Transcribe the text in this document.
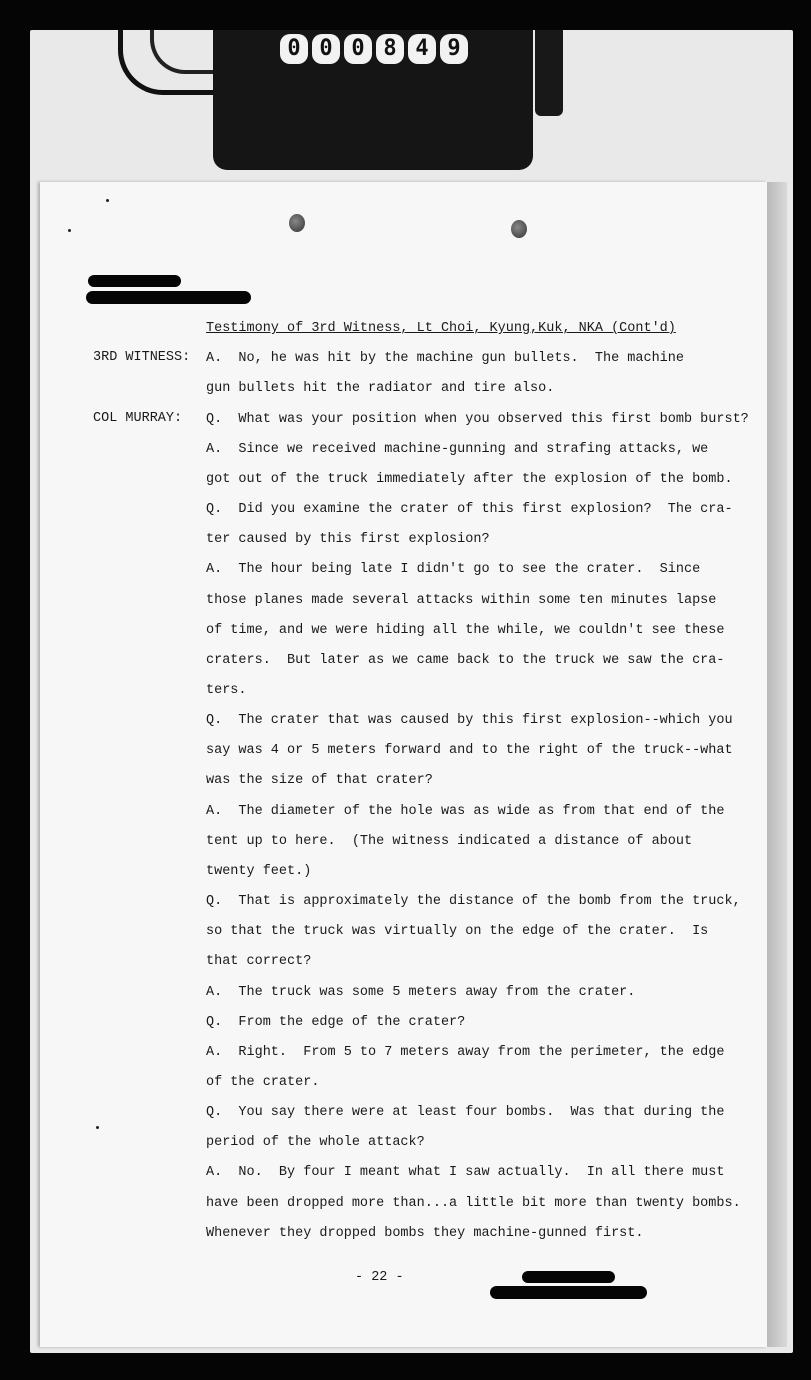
0 0 0 8 4 9
Testimony of 3rd Witness, Lt Choi, Kyung,Kuk, NKA (Cont'd)
3RD WITNESS: A.  No, he was hit by the machine gun bullets.  The machine
gun bullets hit the radiator and tire also.
COL MURRAY: Q.  What was your position when you observed this first bomb burst?
A.  Since we received machine-gunning and strafing attacks, we
got out of the truck immediately after the explosion of the bomb.
Q.  Did you examine the crater of this first explosion?  The cra-
ter caused by this first explosion?
A.  The hour being late I didn't go to see the crater.  Since
those planes made several attacks within some ten minutes lapse
of time, and we were hiding all the while, we couldn't see these
craters.  But later as we came back to the truck we saw the cra-
ters.
Q.  The crater that was caused by this first explosion--which you
say was 4 or 5 meters forward and to the right of the truck--what
was the size of that crater?
A.  The diameter of the hole was as wide as from that end of the
tent up to here.  (The witness indicated a distance of about
twenty feet.)
Q.  That is approximately the distance of the bomb from the truck,
so that the truck was virtually on the edge of the crater.  Is
that correct?
A.  The truck was some 5 meters away from the crater.
Q.  From the edge of the crater?
A.  Right.  From 5 to 7 meters away from the perimeter, the edge
of the crater.
Q.  You say there were at least four bombs.  Was that during the
period of the whole attack?
A.  No.  By four I meant what I saw actually.  In all there must
have been dropped more than...a little bit more than twenty bombs.
Whenever they dropped bombs they machine-gunned first.
- 22 -
